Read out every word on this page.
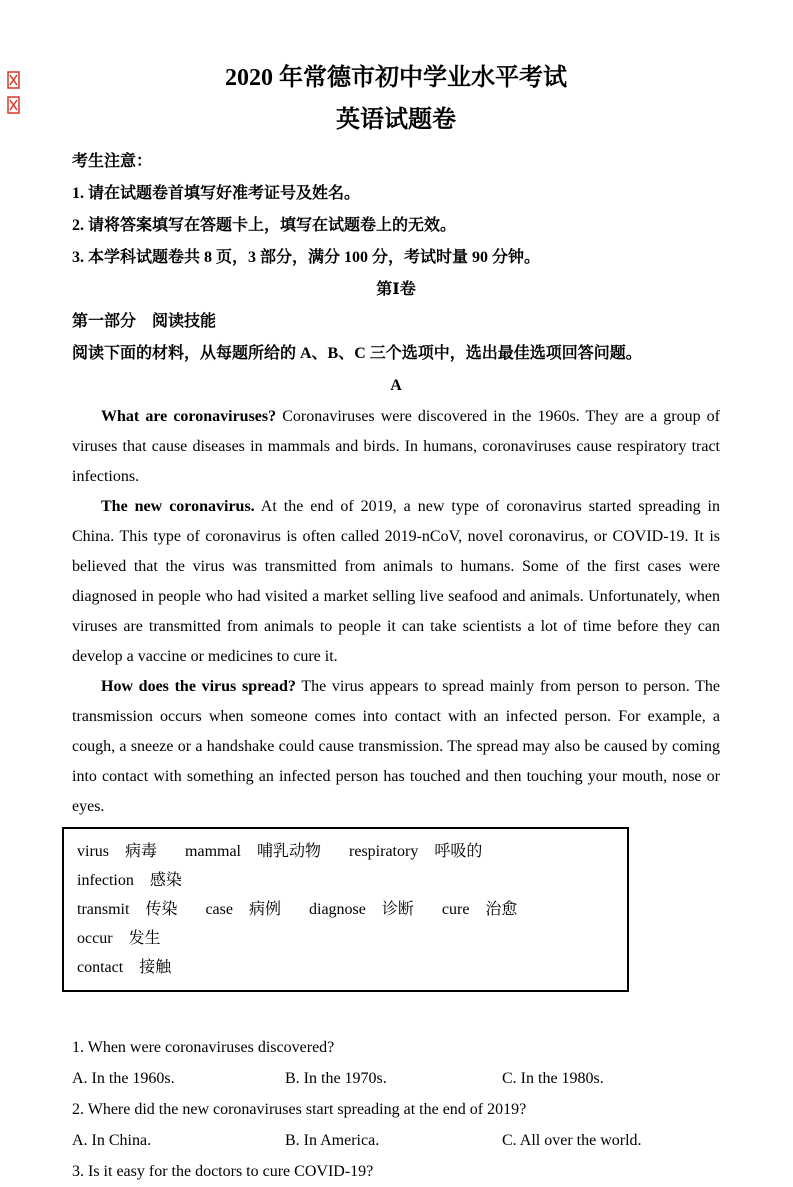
2020 年常德市初中学业水平考试
英语试题卷
考生注意：
1. 请在试题卷首填写好准考证号及姓名。
2. 请将答案填写在答题卡上，填写在试题卷上的无效。
3. 本学科试题卷共 8 页，3 部分，满分 100 分，考试时量 90 分钟。
第Ⅰ卷
第一部分　阅读技能
阅读下面的材料，从每题所给的 A、B、C 三个选项中，选出最佳选项回答问题。
A

What are coronaviruses? Coronaviruses were discovered in the 1960s. They are a group of viruses that cause diseases in mammals and birds. In humans, coronaviruses cause respiratory tract infections.

The new coronavirus. At the end of 2019, a new type of coronavirus started spreading in China. This type of coronavirus is often called 2019-nCoV, novel coronavirus, or COVID-19. It is believed that the virus was transmitted from animals to humans. Some of the first cases were diagnosed in people who had visited a market selling live seafood and animals. Unfortunately, when viruses are transmitted from animals to people it can take scientists a lot of time before they can develop a vaccine or medicines to cure it.

How does the virus spread? The virus appears to spread mainly from person to person. The transmission occurs when someone comes into contact with an infected person. For example, a cough, a sneeze or a handshake could cause transmission. The spread may also be caused by coming into contact with something an infected person has touched and then touching your mouth, nose or eyes.

virus 病毒 mammal 哺乳动物 respiratory 呼吸的
infection 感染
transmit 传染 case 病例 diagnose 诊断 cure 治愈
occur 发生
contact 接触
1. When were coronaviruses discovered?
A. In the 1960s.	B. In the 1970s.	C. In the 1980s.
2. Where did the new coronaviruses start spreading at the end of 2019?
A. In China.	B. In America.	C. All over the world.
3. Is it easy for the doctors to cure COVID-19?
